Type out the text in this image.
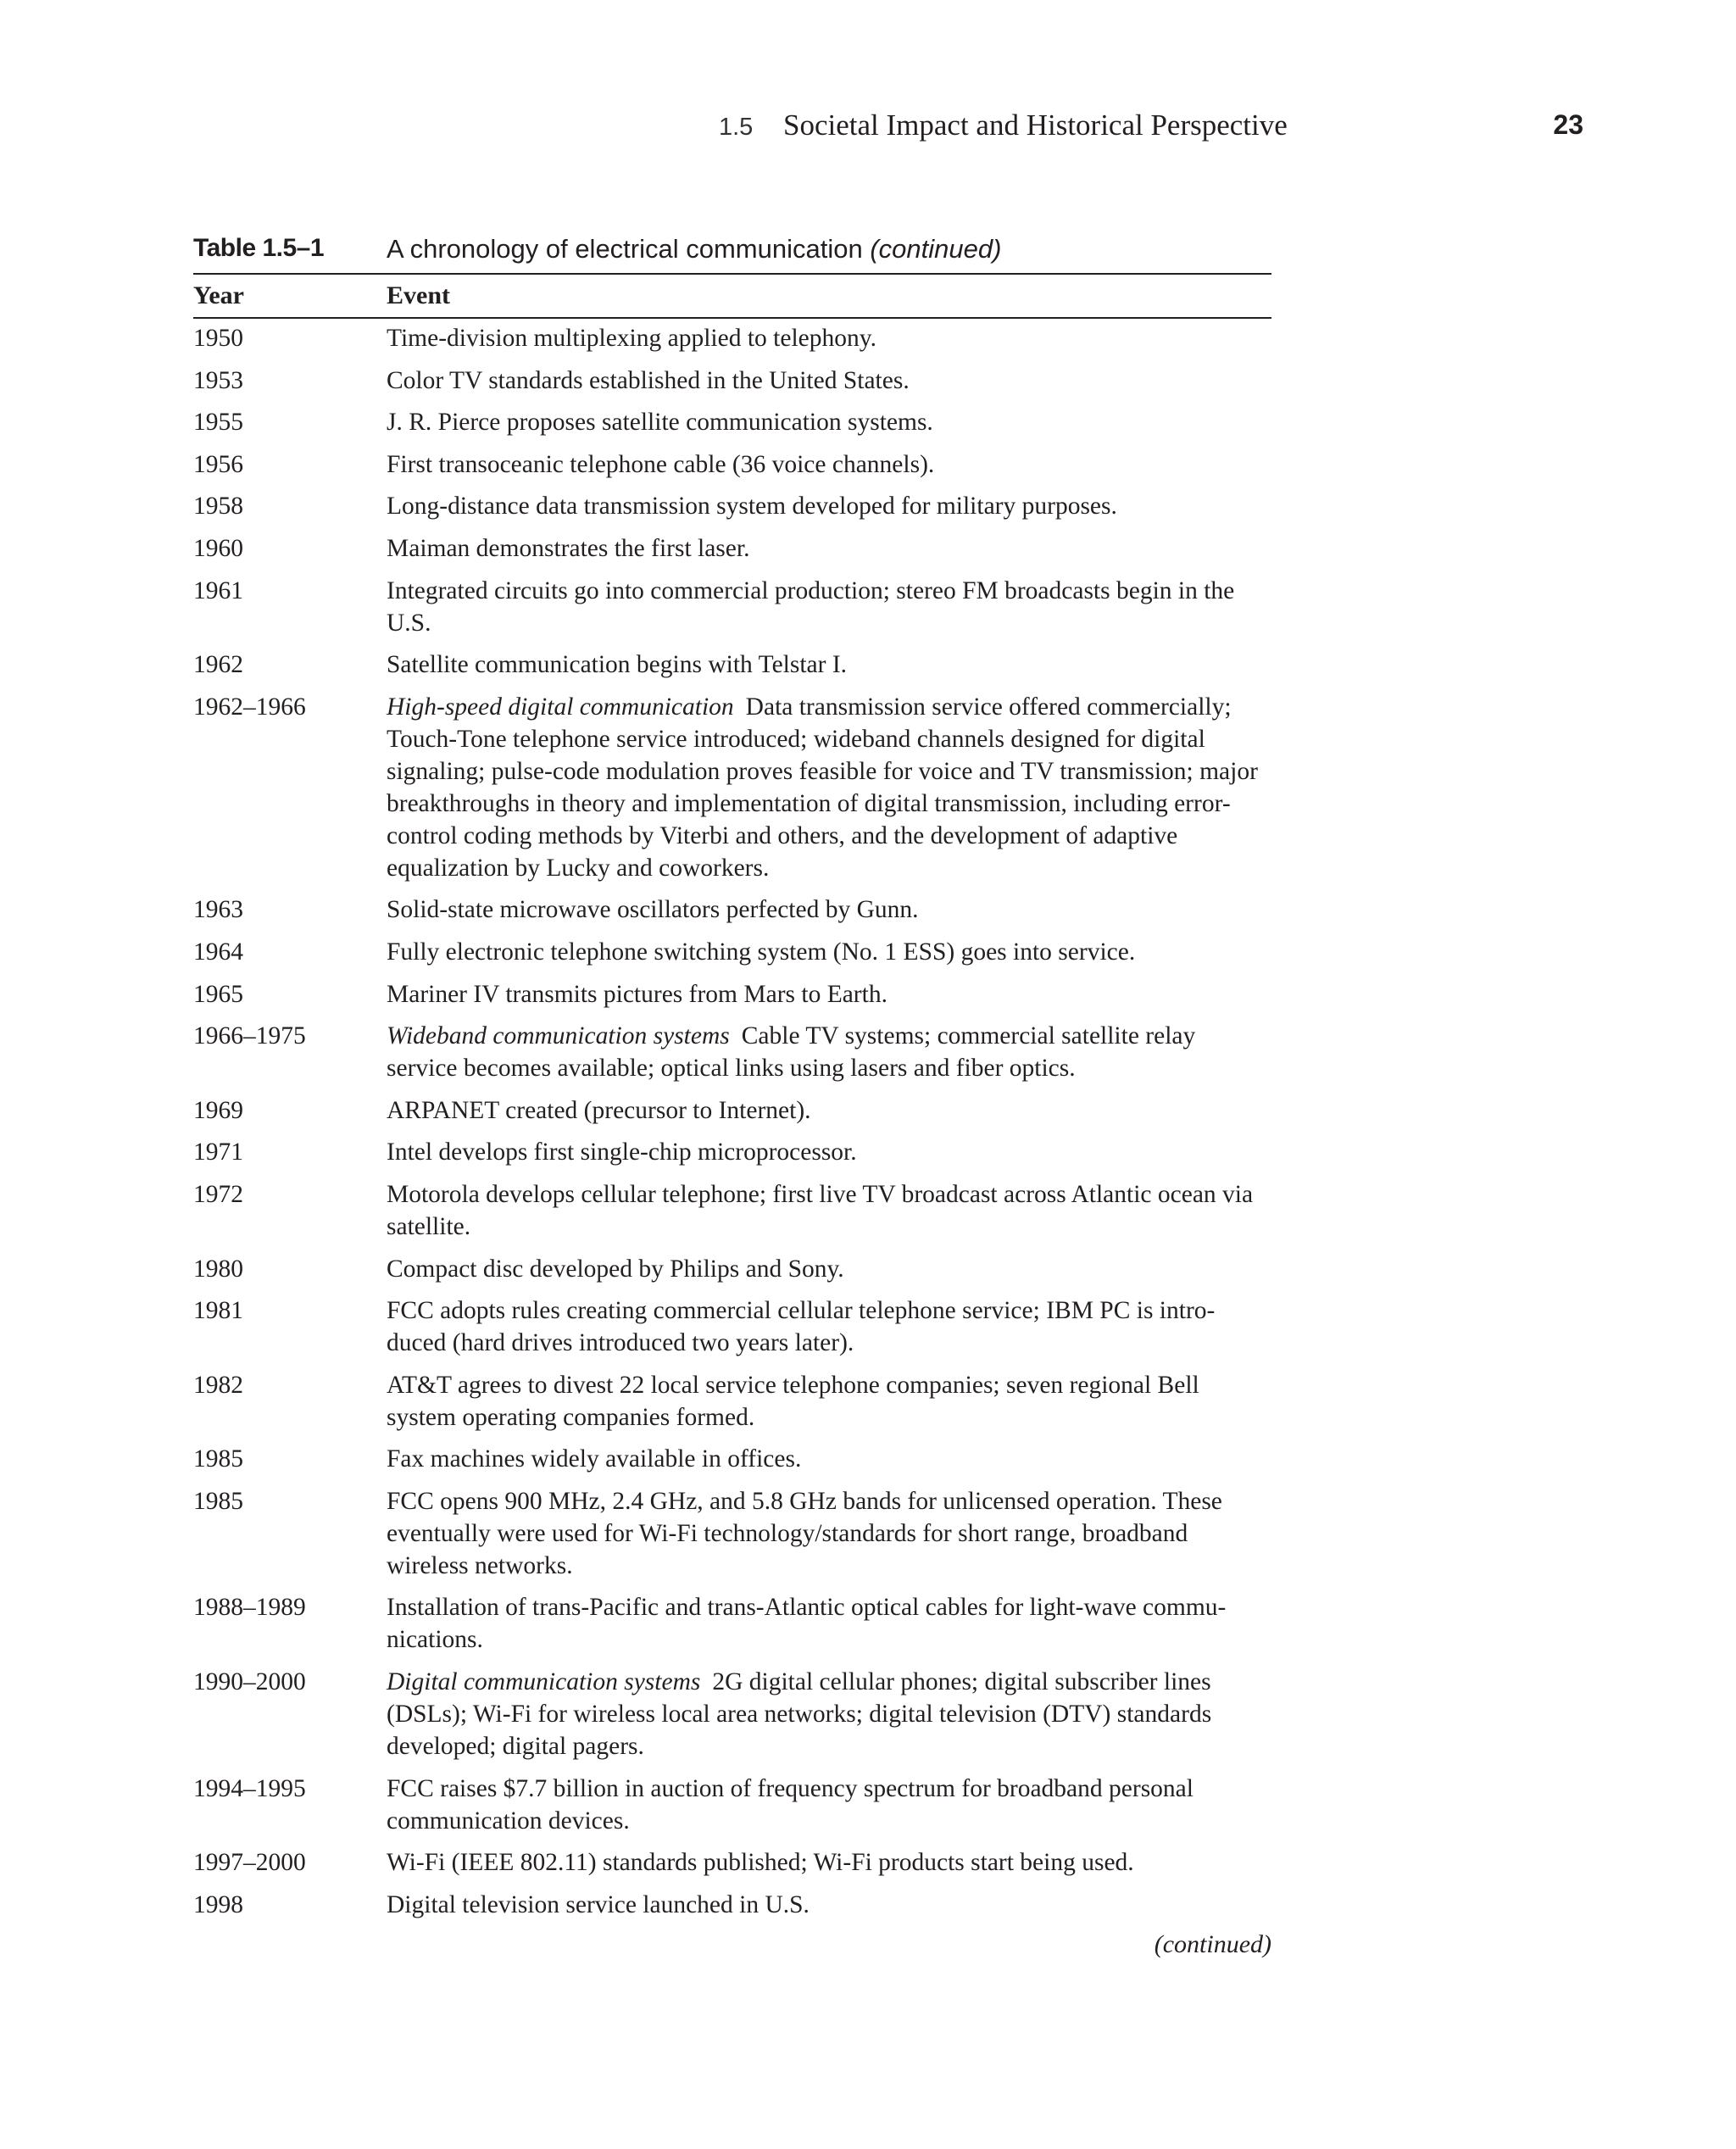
1.5 Societal Impact and Historical Perspective	23
Table 1.5–1 A chronology of electrical communication (continued)
Year	Event
1950	Time-division multiplexing applied to telephony.
1953	Color TV standards established in the United States.
1955	J. R. Pierce proposes satellite communication systems.
1956	First transoceanic telephone cable (36 voice channels).
1958	Long-distance data transmission system developed for military purposes.
1960	Maiman demonstrates the first laser.
1961	Integrated circuits go into commercial production; stereo FM broadcasts begin in the U.S.
1962	Satellite communication begins with Telstar I.
1962–1966	High-speed digital communication Data transmission service offered commercially; Touch-Tone telephone service introduced; wideband channels designed for digital signaling; pulse-code modulation proves feasible for voice and TV transmission; major breakthroughs in theory and implementation of digital transmission, including error-control coding methods by Viterbi and others, and the development of adaptive equalization by Lucky and coworkers.
1963	Solid-state microwave oscillators perfected by Gunn.
1964	Fully electronic telephone switching system (No. 1 ESS) goes into service.
1965	Mariner IV transmits pictures from Mars to Earth.
1966–1975	Wideband communication systems Cable TV systems; commercial satellite relay service becomes available; optical links using lasers and fiber optics.
1969	ARPANET created (precursor to Internet).
1971	Intel develops first single-chip microprocessor.
1972	Motorola develops cellular telephone; first live TV broadcast across Atlantic ocean via satellite.
1980	Compact disc developed by Philips and Sony.
1981	FCC adopts rules creating commercial cellular telephone service; IBM PC is intro-duced (hard drives introduced two years later).
1982	AT&T agrees to divest 22 local service telephone companies; seven regional Bell system operating companies formed.
1985	Fax machines widely available in offices.
1985	FCC opens 900 MHz, 2.4 GHz, and 5.8 GHz bands for unlicensed operation. These eventually were used for Wi-Fi technology/standards for short range, broadband wireless networks.
1988–1989	Installation of trans-Pacific and trans-Atlantic optical cables for light-wave commu-nications.
1990–2000	Digital communication systems 2G digital cellular phones; digital subscriber lines (DSLs); Wi-Fi for wireless local area networks; digital television (DTV) standards developed; digital pagers.
1994–1995	FCC raises $7.7 billion in auction of frequency spectrum for broadband personal communication devices.
1997–2000	Wi-Fi (IEEE 802.11) standards published; Wi-Fi products start being used.
1998	Digital television service launched in U.S.
(continued)
